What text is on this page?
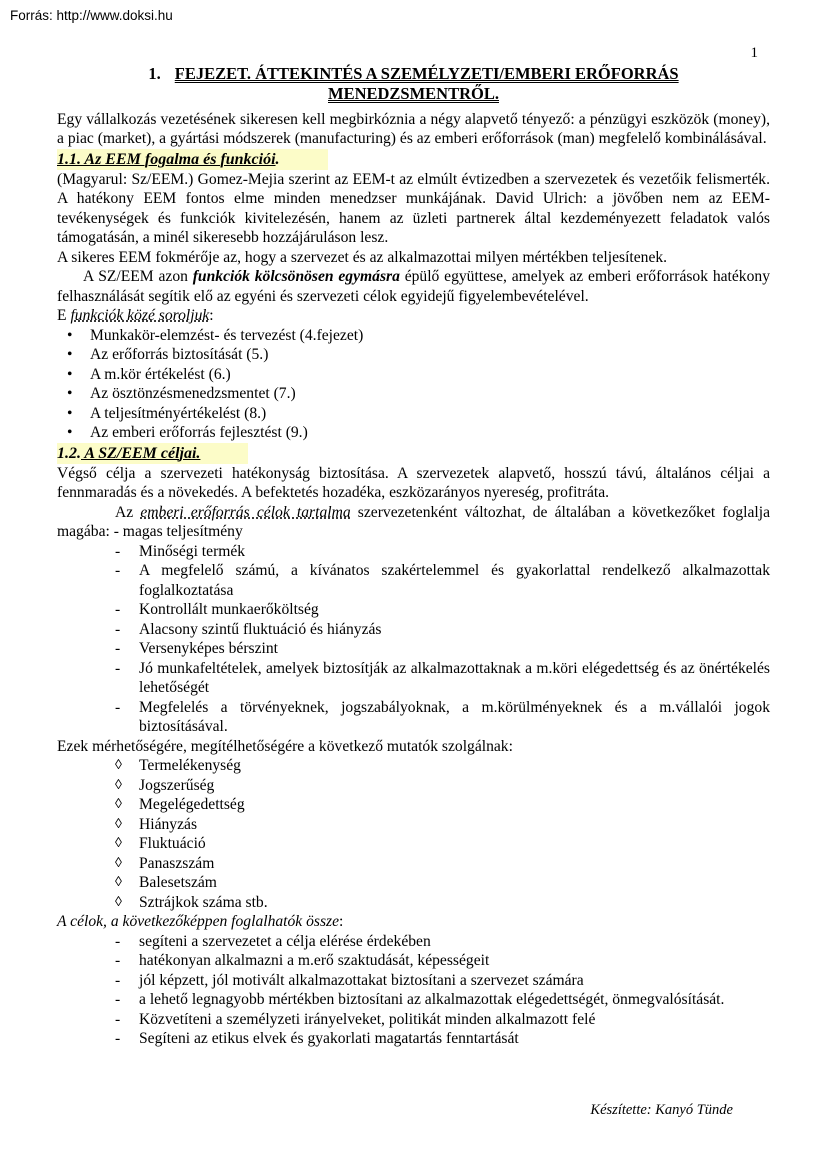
Forrás: http://www.doksi.hu
1
1. FEJEZET. ÁTTEKINTÉS A SZEMÉLYZETI/EMBERI ERŐFORRÁS
MENEDZSMENTRŐL.

Egy vállalkozás vezetésének sikeresen kell megbirkóznia a négy alapvető tényező: a pénzügyi eszközök (money), a piac (market), a gyártási módszerek (manufacturing) és az emberi erőforrások (man) megfelelő kombinálásával.

1.1. Az EEM fogalma és funkciói.

(Magyarul: Sz/EEM.) Gomez-Mejia szerint az EEM-t az elmúlt évtizedben a szervezetek és vezetőik felismerték. A hatékony EEM fontos elme minden menedzser munkájának. David Ulrich: a jövőben nem az EEM-tevékenységek és funkciók kivitelezésén, hanem az üzleti partnerek által kezdeményezett feladatok valós támogatásán, a minél sikeresebb hozzájáruláson lesz.

A sikeres EEM fokmérője az, hogy a szervezet és az alkalmazottai milyen mértékben teljesítenek.

A SZ/EEM azon funkciók kölcsönösen egymásra épülő együttese, amelyek az emberi erőforrások hatékony felhasználását segítik elő az egyéni és szervezeti célok egyidejű figyelembevételével.

E funkciók közé soroljuk:

• Munkakör-elemzést- és tervezést (4.fejezet)
• Az erőforrás biztosítását (5.)
• A m.kör értékelést (6.)
• Az ösztönzésmenedzsmentet (7.)
• A teljesítményértékelést (8.)
• Az emberi erőforrás fejlesztést (9.)
1.2. A SZ/EEM céljai.

Végső célja a szervezeti hatékonyság biztosítása. A szervezetek alapvető, hosszú távú, általános céljai a fennmaradás és a növekedés. A befektetés hozadéka, eszközarányos nyereség, profitráta.

Az emberi erőforrás célok tartalma szervezetenként változhat, de általában a következőket foglalja magába: - magas teljesítmény

- Minőségi termék
- A megfelelő számú, a kívánatos szakértelemmel és gyakorlattal rendelkező alkalmazottak foglalkoztatása
- Kontrollált munkaerőköltség
- Alacsony szintű fluktuáció és hiányzás
- Versenyképes bérszint
- Jó munkafeltételek, amelyek biztosítják az alkalmazottaknak a m.köri elégedettség és az önértékelés lehetőségét
- Megfelelés a törvényeknek, jogszabályoknak, a m.körülményeknek és a m.vállalói jogok biztosításával.

Ezek mérhetőségére, megítélhetőségére a következő mutatók szolgálnak:

◊ Termelékenység
◊ Jogszerűség
◊ Megelégedettség
◊ Hiányzás
◊ Fluktuáció
◊ Panaszszám
◊ Balesetszám
◊ Sztrájkok száma stb.

A célok, a következőképpen foglalhatók össze:

- segíteni a szervezetet a célja elérése érdekében
- hatékonyan alkalmazni a m.erő szaktudását, képességeit
- jól képzett, jól motivált alkalmazottakat biztosítani a szervezet számára
- a lehető legnagyobb mértékben biztosítani az alkalmazottak elégedettségét, önmegvalósítását.
- Közvetíteni a személyzeti irányelveket, politikát minden alkalmazott felé
- Segíteni az etikus elvek és gyakorlati magatartás fenntartását
Készítette: Kanyó Tünde
